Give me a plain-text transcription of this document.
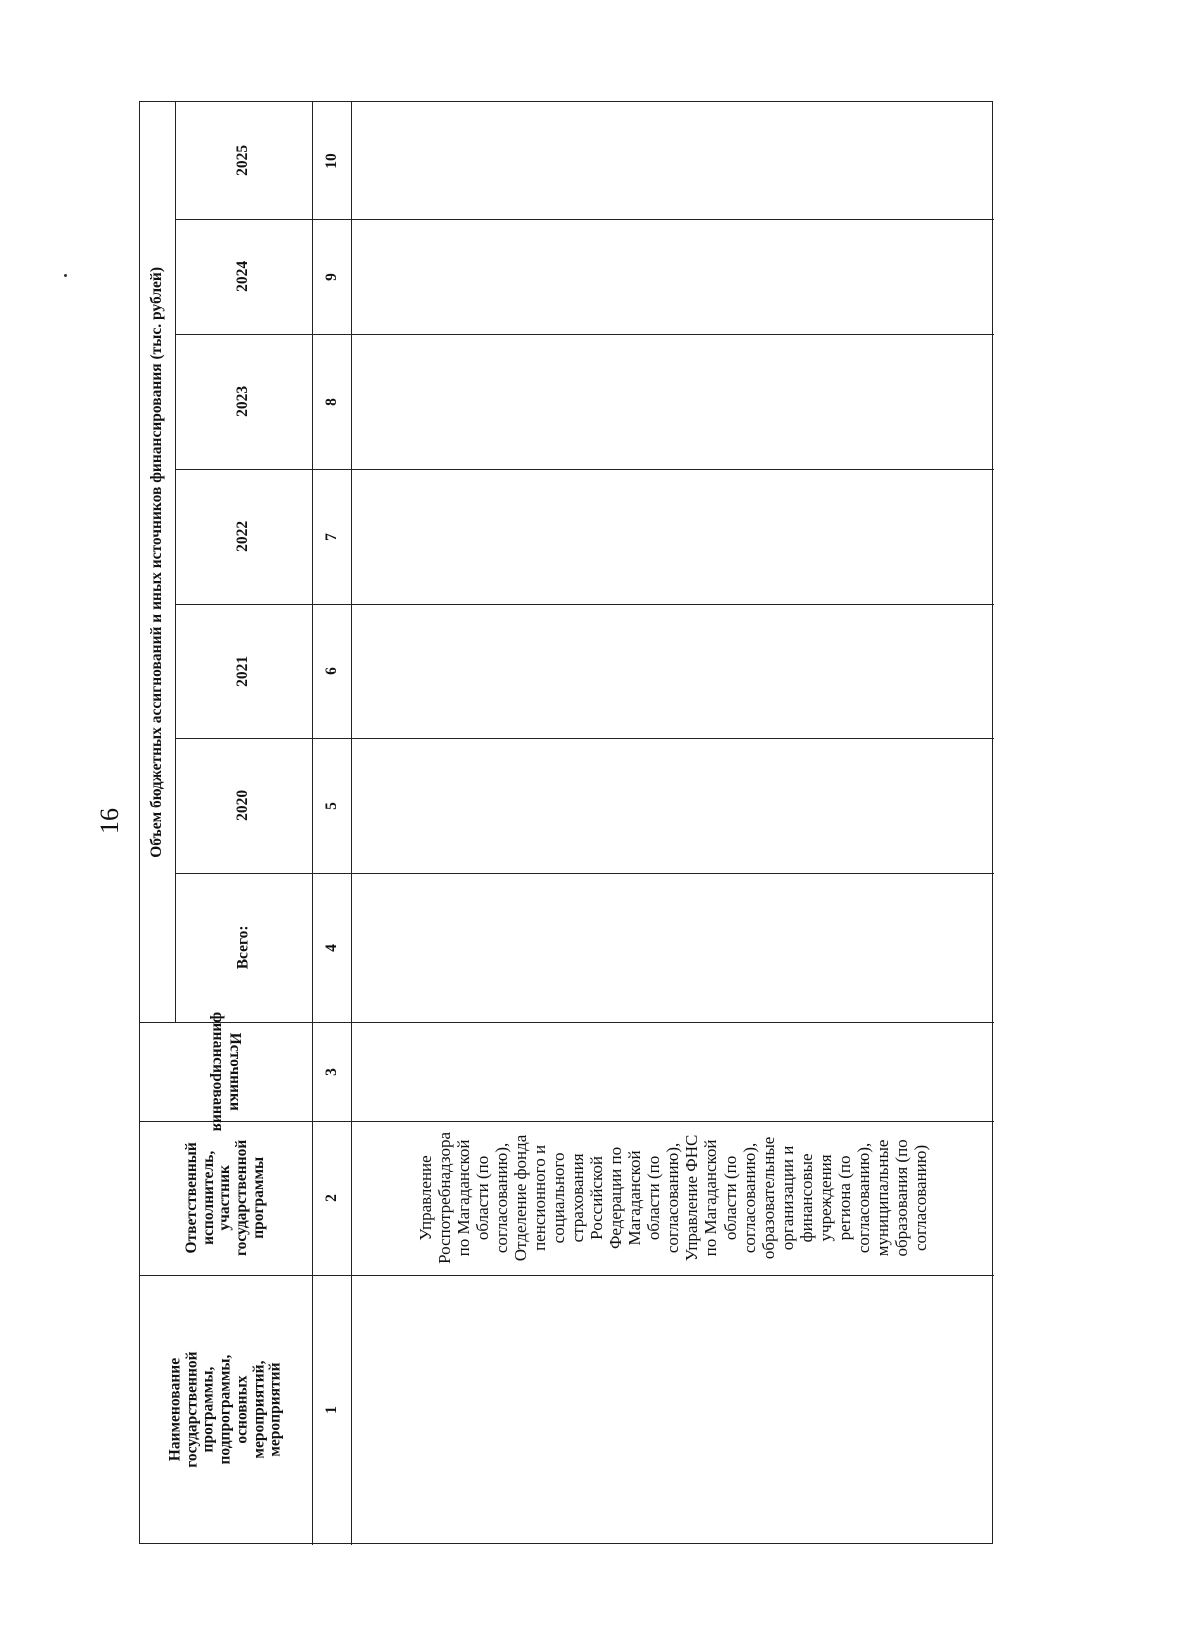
16 Объем бюджетных ассигнований и иных источников финансирования (тыс. рублей)
2025
2024
2023
2022
2021
2020
Всего:
Источники
финансирования
Ответственный
исполнитель,
участник
государственной
программы
Наименование
государственной
программы,
подпрограммы, основных
мероприятий, мероприятий
10
9
8
7
6
5
4
3
2
1
Управление
Роспотребнадзора
по Магаданской
области (по
согласованию),
Отделение фонда
пенсионного и
социального
страхования
Российской
Федерации по
Магаданской
области (по
согласованию),
Управление ФНС
по Магаданской
области (по
согласованию),
образовательные
организации и
финансовые
учреждения
региона (по
согласованию),
муниципальные
образования (по
согласованию)
